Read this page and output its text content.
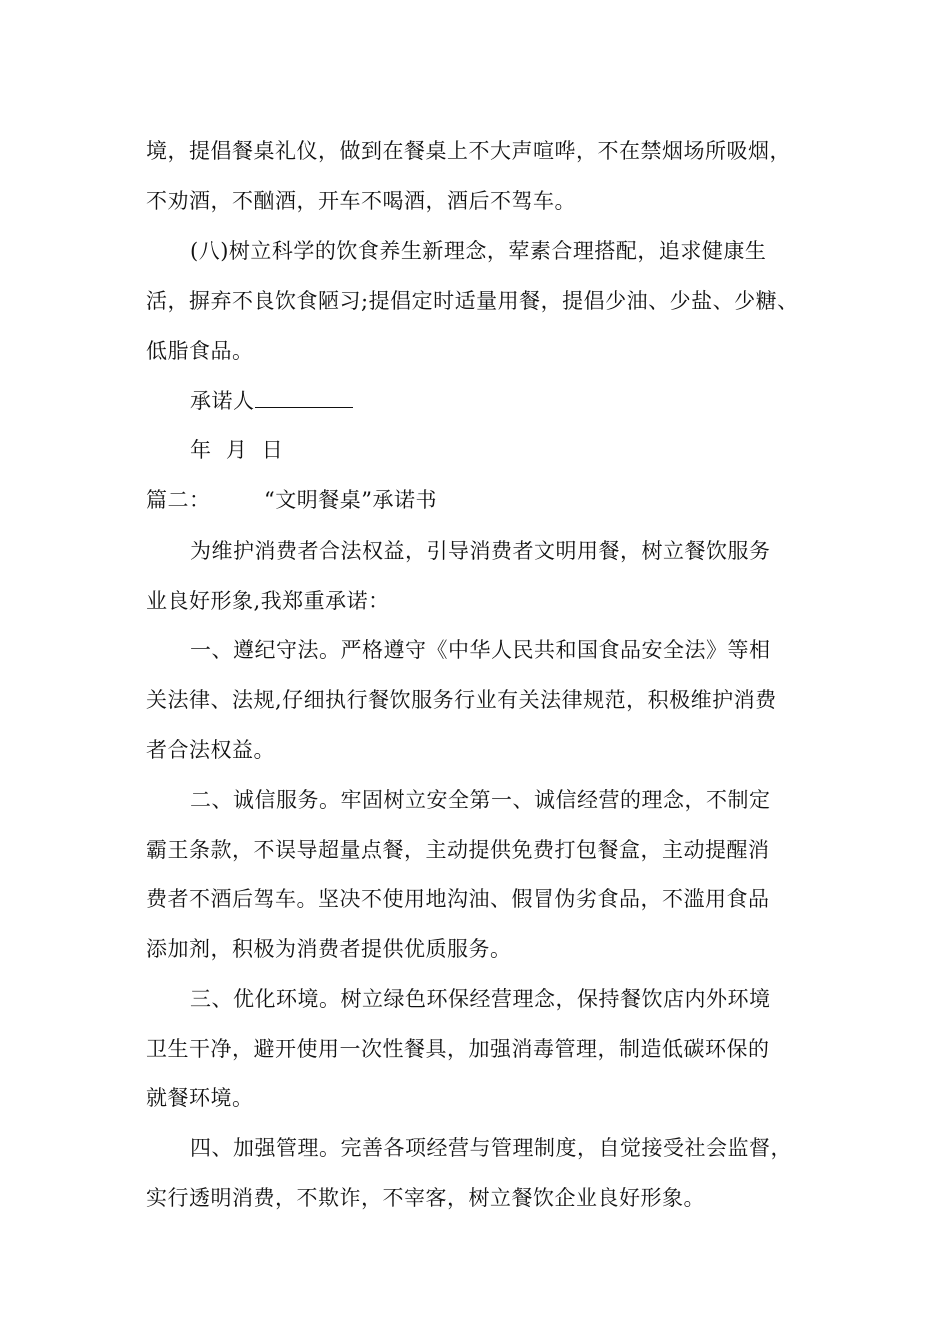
境，提倡餐桌礼仪，做到在餐桌上不大声喧哗，不在禁烟场所吸烟，
不劝酒，不酗酒，开车不喝酒，酒后不驾车。
(八)树立科学的饮食养生新理念，荤素合理搭配，追求健康生
活，摒弃不良饮食陋习;提倡定时适量用餐，提倡少油、少盐、少糖、
低脂食品。
承诺人
年  月  日
篇二：	“文明餐桌”承诺书
为维护消费者合法权益，引导消费者文明用餐，树立餐饮服务
业良好形象,我郑重承诺：
一、遵纪守法。严格遵守《中华人民共和国食品安全法》等相
关法律、法规,仔细执行餐饮服务行业有关法律规范，积极维护消费
者合法权益。
二、诚信服务。牢固树立安全第一、诚信经营的理念，不制定
霸王条款，不误导超量点餐，主动提供免费打包餐盒，主动提醒消
费者不酒后驾车。坚决不使用地沟油、假冒伪劣食品，不滥用食品
添加剂，积极为消费者提供优质服务。
三、优化环境。树立绿色环保经营理念，保持餐饮店内外环境
卫生干净，避开使用一次性餐具，加强消毒管理，制造低碳环保的
就餐环境。
四、加强管理。完善各项经营与管理制度，自觉接受社会监督，
实行透明消费，不欺诈，不宰客，树立餐饮企业良好形象。
